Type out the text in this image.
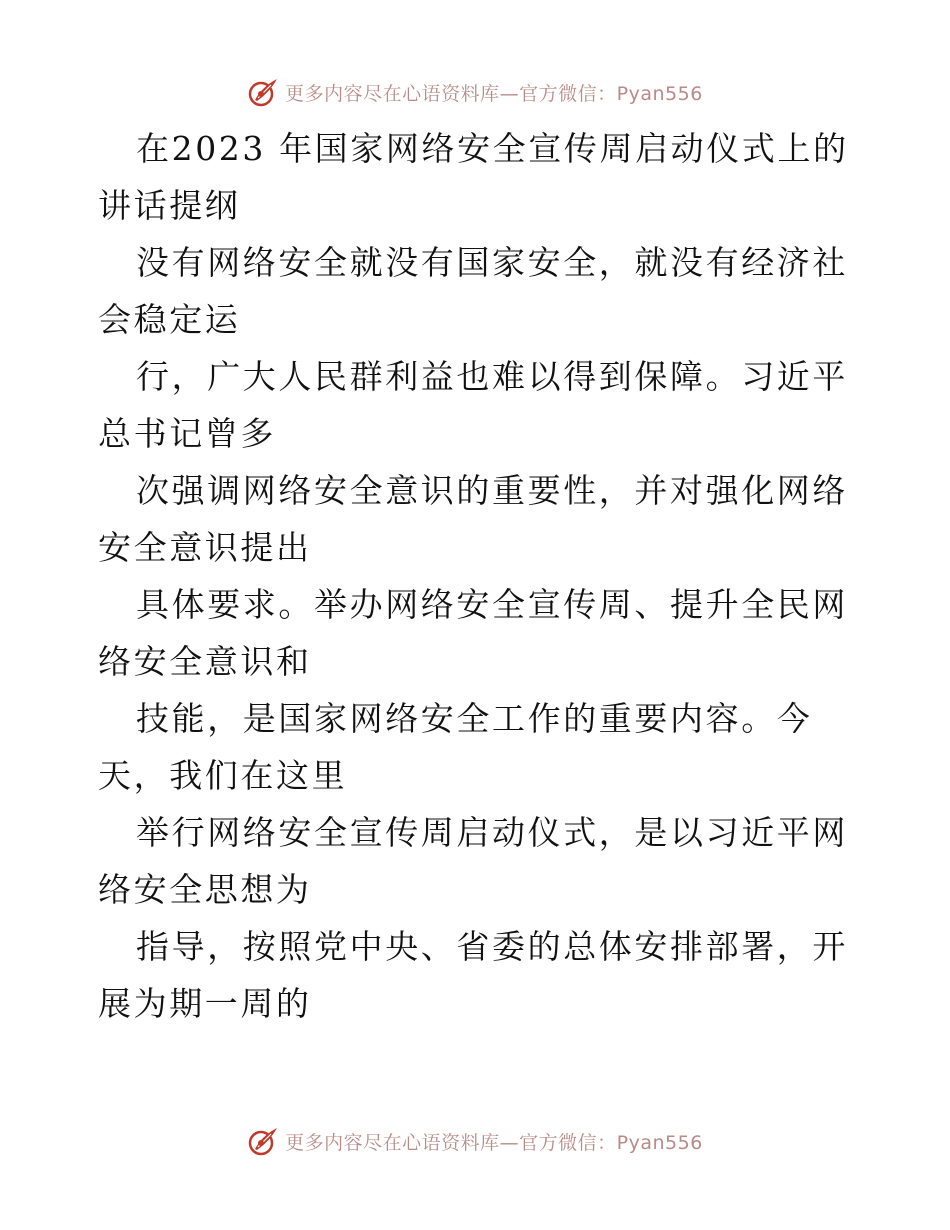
更多内容尽在心语资料库—官方微信：Pyan556

在2023 年国家网络安全宣传周启动仪式上的讲话提纲

没有网络安全就没有国家安全，就没有经济社会稳定运

行，广大人民群利益也难以得到保障。习近平总书记曾多

次强调网络安全意识的重要性，并对强化网络安全意识提出

具体要求。举办网络安全宣传周、提升全民网络安全意识和

技能，是国家网络安全工作的重要内容。今天，我们在这里

举行网络安全宣传周启动仪式，是以习近平网络安全思想为

指导，按照党中央、省委的总体安排部署，开展为期一周的

更多内容尽在心语资料库—官方微信：Pyan556
